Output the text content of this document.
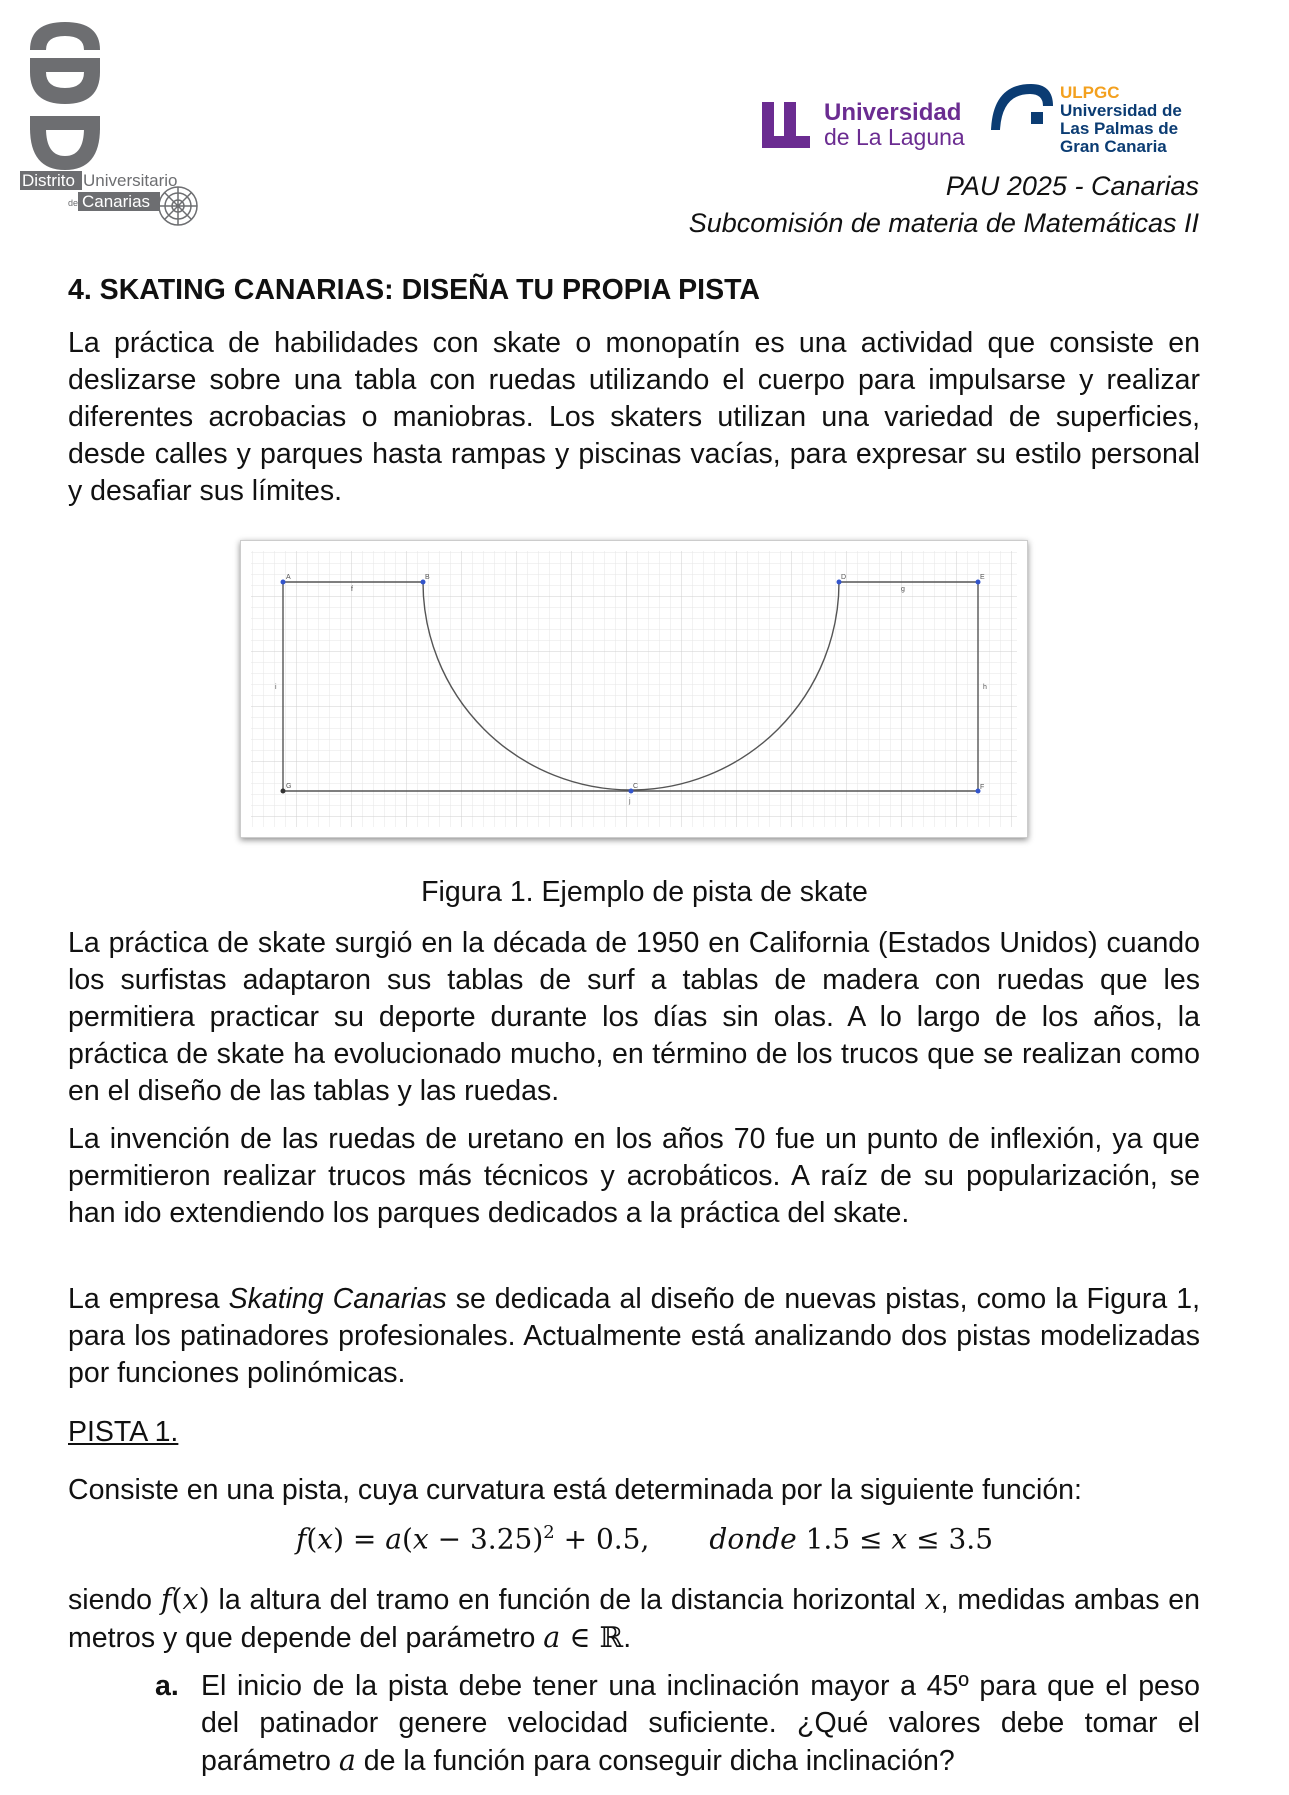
Distrito Universitario
de Canarias
Universidad
de La Laguna
ULPGC
Universidad de
Las Palmas de
Gran Canaria
PAU 2025 - Canarias
Subcomisión de materia de Matemáticas II
4. SKATING CANARIAS: DISEÑA TU PROPIA PISTA
La práctica de habilidades con skate o monopatín es una actividad que consiste en deslizarse sobre una tabla con ruedas utilizando el cuerpo para impulsarse y realizar diferentes acrobacias o maniobras. Los skaters utilizan una variedad de superficies, desde calles y parques hasta rampas y piscinas vacías, para expresar su estilo personal y desafiar sus límites.
A	B	D	E
F
G	C
f	g
h
i
j
Figura 1. Ejemplo de pista de skate
La práctica de skate surgió en la década de 1950 en California (Estados Unidos) cuando los surfistas adaptaron sus tablas de surf a tablas de madera con ruedas que les permitiera practicar su deporte durante los días sin olas. A lo largo de los años, la práctica de skate ha evolucionado mucho, en término de los trucos que se realizan como en el diseño de las tablas y las ruedas.
La invención de las ruedas de uretano en los años 70 fue un punto de inflexión, ya que permitieron realizar trucos más técnicos y acrobáticos. A raíz de su popularización, se han ido extendiendo los parques dedicados a la práctica del skate.
La empresa Skating Canarias se dedicada al diseño de nuevas pistas, como la Figura 1, para los patinadores profesionales. Actualmente está analizando dos pistas modelizadas por funciones polinómicas.
PISTA 1.
Consiste en una pista, cuya curvatura está determinada por la siguiente función:
$f(x) = a(x - 3.25)^2 + 0.5$, donde 1.5 ≤ x ≤ 3.5
siendo f(x) la altura del tramo en función de la distancia horizontal x, medidas ambas en metros y que depende del parámetro a ∈ ℝ.
a. El inicio de la pista debe tener una inclinación mayor a 45º para que el peso del patinador genere velocidad suficiente. ¿Qué valores debe tomar el parámetro a de la función para conseguir dicha inclinación?
